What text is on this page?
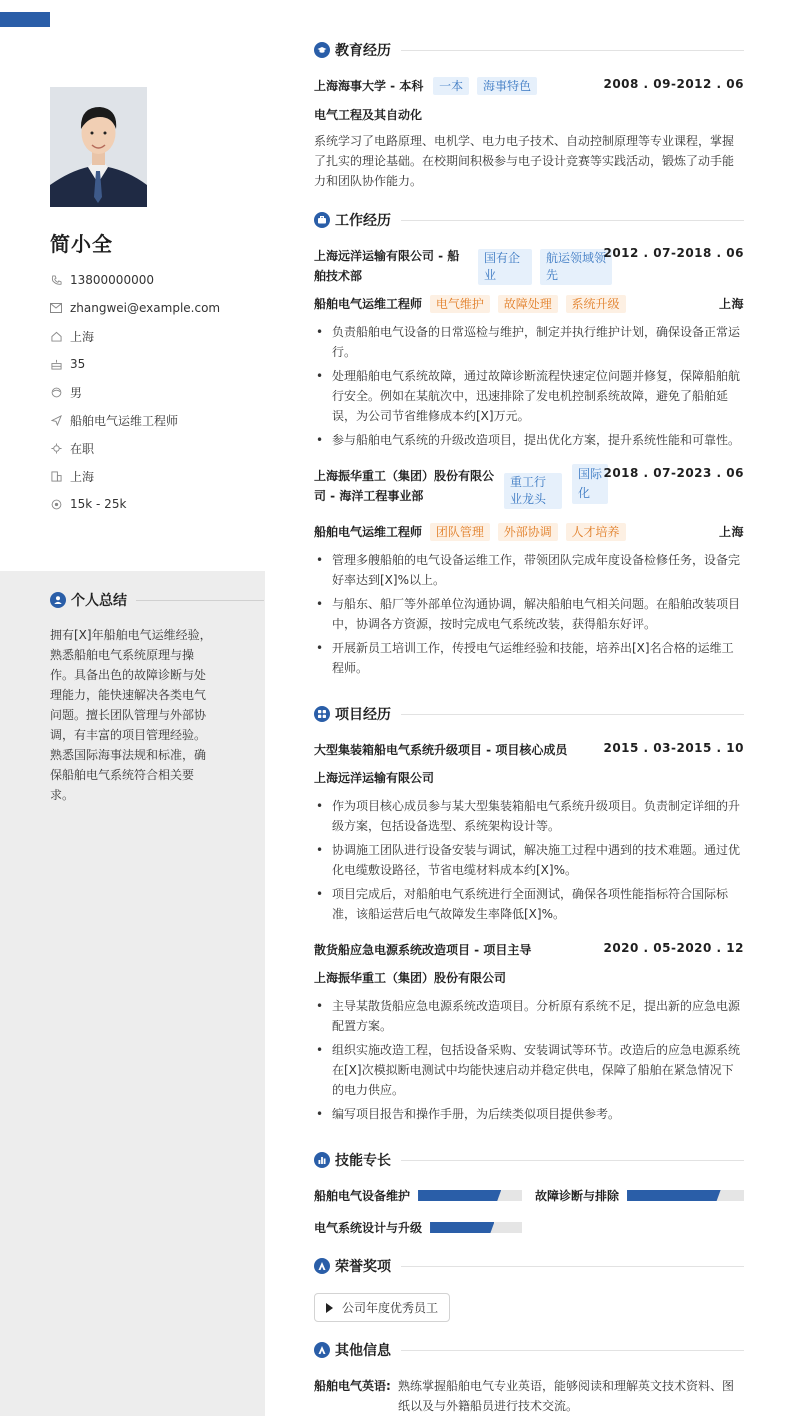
简小全
13800000000
zhangwei@example.com
上海
35
男
船舶电气运维工程师
在职
上海
15k - 25k
个人总结
拥有[X]年船舶电气运维经验，熟悉船舶电气系统原理与操作。具备出色的故障诊断与处理能力，能快速解决各类电气问题。擅长团队管理与外部协调，有丰富的项目管理经验。熟悉国际海事法规和标准，确保船舶电气系统符合相关要求。
教育经历
上海海事大学 - 本科 一本 海事特色	2008 . 09-2012 . 06
电气工程及其自动化
系统学习了电路原理、电机学、电力电子技术、自动控制原理等专业课程，掌握了扎实的理论基础。在校期间积极参与电子设计竞赛等实践活动，锻炼了动手能力和团队协作能力。
工作经历
上海远洋运输有限公司 - 船舶技术部
国有企业
航运领域领先
2012 . 07-2018 . 06
船舶电气运维工程师 电气维护 故障处理 系统升级	上海
• 负责船舶电气设备的日常巡检与维护，制定并执行维护计划，确保设备正常运行。
• 处理船舶电气系统故障，通过故障诊断流程快速定位问题并修复，保障船舶航行安全。例如在某航次中，迅速排除了发电机控制系统故障，避免了船舶延误，为公司节省维修成本约[X]万元。
• 参与船舶电气系统的升级改造项目，提出优化方案，提升系统性能和可靠性。
上海振华重工（集团）股份有限公司 - 海洋工程事业部
重工行业龙头
国际化
2018 . 07-2023 . 06
船舶电气运维工程师 团队管理 外部协调 人才培养	上海
• 管理多艘船舶的电气设备运维工作，带领团队完成年度设备检修任务，设备完好率达到[X]%以上。
• 与船东、船厂等外部单位沟通协调，解决船舶电气相关问题。在船舶改装项目中，协调各方资源，按时完成电气系统改装，获得船东好评。
• 开展新员工培训工作，传授电气运维经验和技能，培养出[X]名合格的运维工程师。
项目经历
大型集装箱船电气系统升级项目 - 项目核心成员	2015 . 03-2015 . 10
上海远洋运输有限公司
• 作为项目核心成员参与某大型集装箱船电气系统升级项目。负责制定详细的升级方案，包括设备选型、系统架构设计等。
• 协调施工团队进行设备安装与调试，解决施工过程中遇到的技术难题。通过优化电缆敷设路径，节省电缆材料成本约[X]%。
• 项目完成后，对船舶电气系统进行全面测试，确保各项性能指标符合国际标准，该船运营后电气故障发生率降低[X]%。
散货船应急电源系统改造项目 - 项目主导	2020 . 05-2020 . 12
上海振华重工（集团）股份有限公司
• 主导某散货船应急电源系统改造项目。分析原有系统不足，提出新的应急电源配置方案。
• 组织实施改造工程，包括设备采购、安装调试等环节。改造后的应急电源系统在[X]次模拟断电测试中均能快速启动并稳定供电，保障了船舶在紧急情况下的电力供应。
• 编写项目报告和操作手册，为后续类似项目提供参考。
技能专长
船舶电气设备维护	故障诊断与排除
电气系统设计与升级
荣誉奖项
公司年度优秀员工
其他信息
船舶电气英语: 熟练掌握船舶电气专业英语，能够阅读和理解英文技术资料、图纸以及与外籍船员进行技术交流。
